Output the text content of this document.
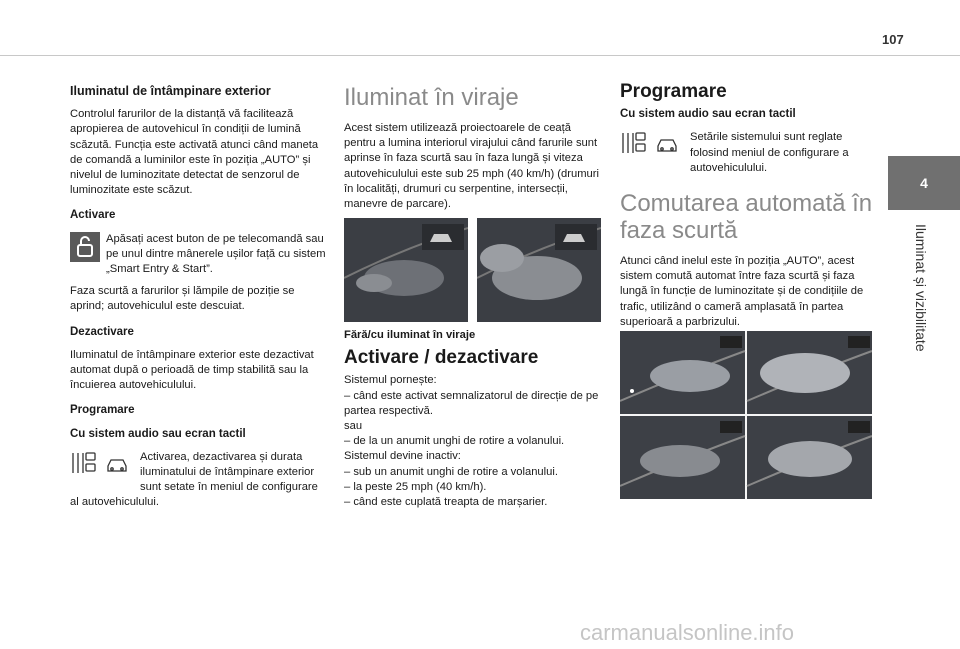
107
4
Iluminat și vizibilitate
Iluminatul de întâmpinare exterior

Controlul farurilor de la distanță vă facilitează apropierea de autovehicul în condiții de lumină scăzută. Funcția este activată atunci când maneta de comandă a luminilor este în poziția „AUTO” și nivelul de luminozitate detectat de senzorul de luminozitate este scăzut.

Activare
Apăsați acest buton de pe telecomandă sau pe unul dintre mânerele ușilor față cu sistem „Smart Entry & Start”.

Faza scurtă a farurilor și lămpile de poziție se aprind; autovehiculul este descuiat.

Dezactivare

Iluminatul de întâmpinare exterior este dezactivat automat după o perioadă de timp stabilită sau la încuierea autovehiculului.

Programare
Cu sistem audio sau ecran tactil
Activarea, dezactivarea și durata iluminatului de întâmpinare exterior sunt setate în meniul de configurare al autovehiculului.
Iluminat în viraje

Acest sistem utilizează proiectoarele de ceață pentru a lumina interiorul virajului când farurile sunt aprinse în faza scurtă sau în faza lungă și viteza autovehiculului este sub 25 mph (40 km/h) (drumuri în localități, drumuri cu serpentine, intersecții, manevre de parcare).

Fără/cu iluminat în viraje

Activare / dezactivare
Sistemul pornește:
– când este activat semnalizatorul de direcție de pe partea respectivă.
sau
– de la un anumit unghi de rotire a volanului.
Sistemul devine inactiv:
– sub un anumit unghi de rotire a volanului.
– la peste 25 mph (40 km/h).
– când este cuplată treapta de marșarier.
Programare
Cu sistem audio sau ecran tactil
Setările sistemului sunt reglate folosind meniul de configurare a autovehiculului.
Comutarea automată în faza scurtă

Atunci când inelul este în poziția „AUTO”, acest sistem comută automat între faza scurtă și faza lungă în funcție de luminozitate și de condițiile de trafic, utilizând o cameră amplasată în partea superioară a parbrizului.

carmanualsonline.info
